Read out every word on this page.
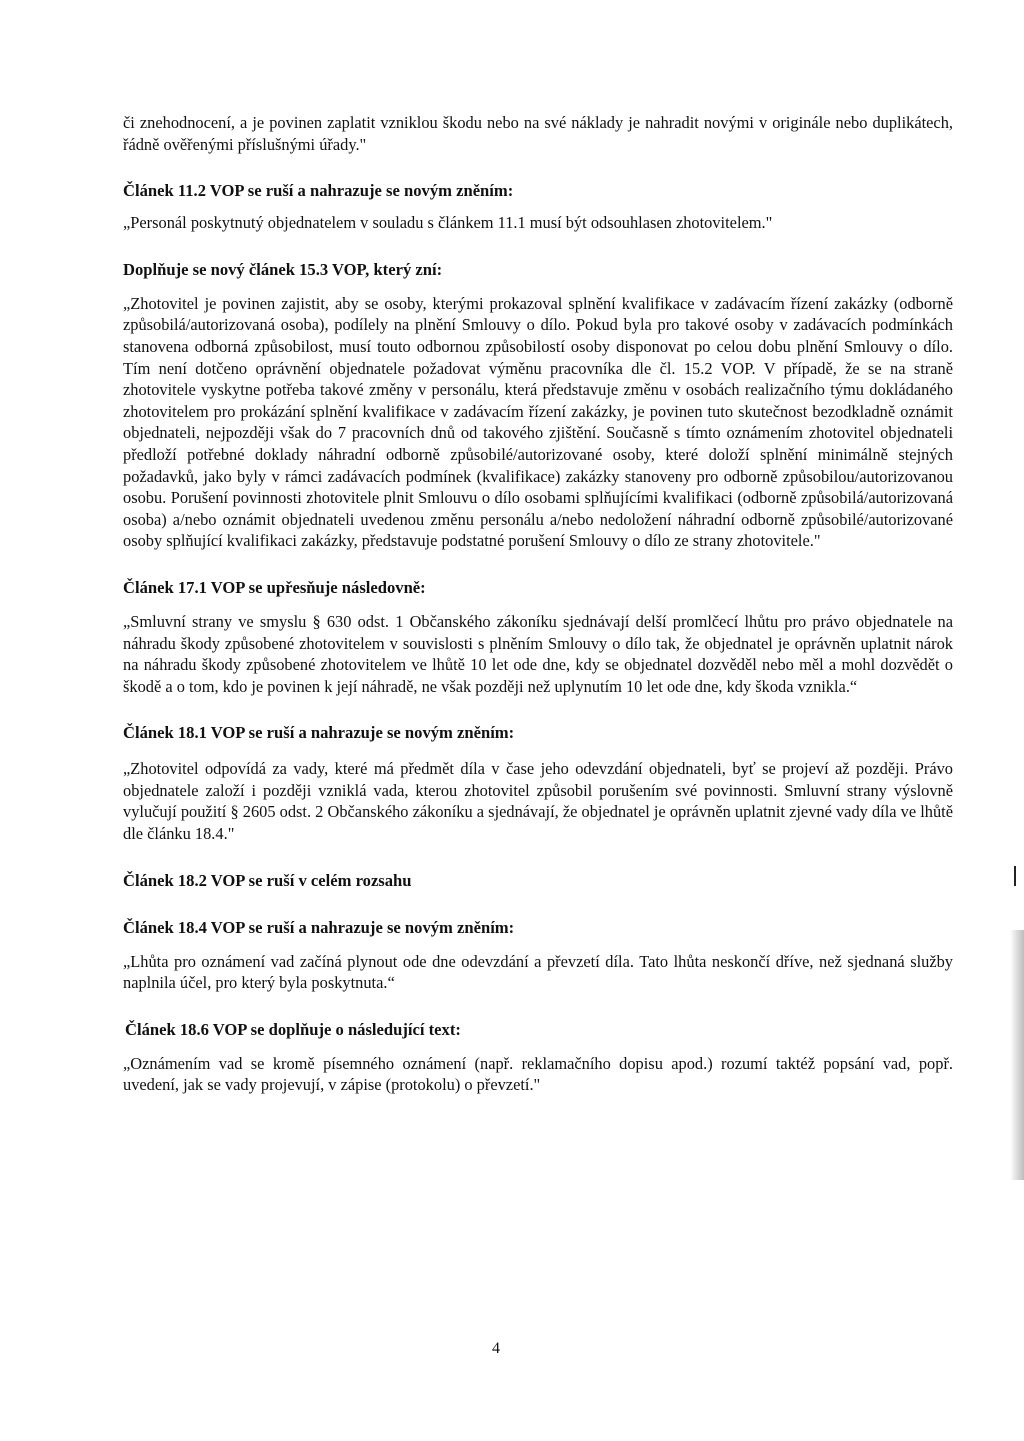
či znehodnocení, a je povinen zaplatit vzniklou škodu nebo na své náklady je nahradit novými v originále nebo duplikátech, řádně ověřenými příslušnými úřady."

Článek 11.2 VOP se ruší a nahrazuje se novým zněním:

„Personál poskytnutý objednatelem v souladu s článkem 11.1 musí být odsouhlasen zhotovitelem."

Doplňuje se nový článek 15.3 VOP, který zní:

„Zhotovitel je povinen zajistit, aby se osoby, kterými prokazoval splnění kvalifikace v zadávacím řízení zakázky (odborně způsobilá/autorizovaná osoba), podílely na plnění Smlouvy o dílo. Pokud byla pro takové osoby v zadávacích podmínkách stanovena odborná způsobilost, musí touto odbornou způsobilostí osoby disponovat po celou dobu plnění Smlouvy o dílo. Tím není dotčeno oprávnění objednatele požadovat výměnu pracovníka dle čl. 15.2 VOP. V případě, že se na straně zhotovitele vyskytne potřeba takové změny v personálu, která představuje změnu v osobách realizačního týmu dokládaného zhotovitelem pro prokázání splnění kvalifikace v zadávacím řízení zakázky, je povinen tuto skutečnost bezodkladně oznámit objednateli, nejpozději však do 7 pracovních dnů od takového zjištění. Současně s tímto oznámením zhotovitel objednateli předloží potřebné doklady náhradní odborně způsobilé/autorizované osoby, které doloží splnění minimálně stejných požadavků, jako byly v rámci zadávacích podmínek (kvalifikace) zakázky stanoveny pro odborně způsobilou/autorizovanou osobu. Porušení povinnosti zhotovitele plnit Smlouvu o dílo osobami splňujícími kvalifikaci (odborně způsobilá/autorizovaná osoba) a/nebo oznámit objednateli uvedenou změnu personálu a/nebo nedoložení náhradní odborně způsobilé/autorizované osoby splňující kvalifikaci zakázky, představuje podstatné porušení Smlouvy o dílo ze strany zhotovitele."

Článek 17.1 VOP se upřesňuje následovně:

„Smluvní strany ve smyslu § 630 odst. 1 Občanského zákoníku sjednávají delší promlčecí lhůtu pro právo objednatele na náhradu škody způsobené zhotovitelem v souvislosti s plněním Smlouvy o dílo tak, že objednatel je oprávněn uplatnit nárok na náhradu škody způsobené zhotovitelem ve lhůtě 10 let ode dne, kdy se objednatel dozvěděl nebo měl a mohl dozvědět o škodě a o tom, kdo je povinen k její náhradě, ne však později než uplynutím 10 let ode dne, kdy škoda vznikla.“

Článek 18.1 VOP se ruší a nahrazuje se novým zněním:

„Zhotovitel odpovídá za vady, které má předmět díla v čase jeho odevzdání objednateli, byť se projeví až později. Právo objednatele založí i později vzniklá vada, kterou zhotovitel způsobil porušením své povinnosti. Smluvní strany výslovně vylučují použití § 2605 odst. 2 Občanského zákoníku a sjednávají, že objednatel je oprávněn uplatnit zjevné vady díla ve lhůtě dle článku 18.4."

Článek 18.2 VOP se ruší v celém rozsahu

Článek 18.4 VOP se ruší a nahrazuje se novým zněním:

„Lhůta pro oznámení vad začíná plynout ode dne odevzdání a převzetí díla. Tato lhůta neskončí dříve, než sjednaná služby naplnila účel, pro který byla poskytnuta.“

Článek 18.6 VOP se doplňuje o následující text:

„Oznámením vad se kromě písemného oznámení (např. reklamačního dopisu apod.) rozumí taktéž popsání vad, popř. uvedení, jak se vady projevují, v zápise (protokolu) o převzetí."

4
